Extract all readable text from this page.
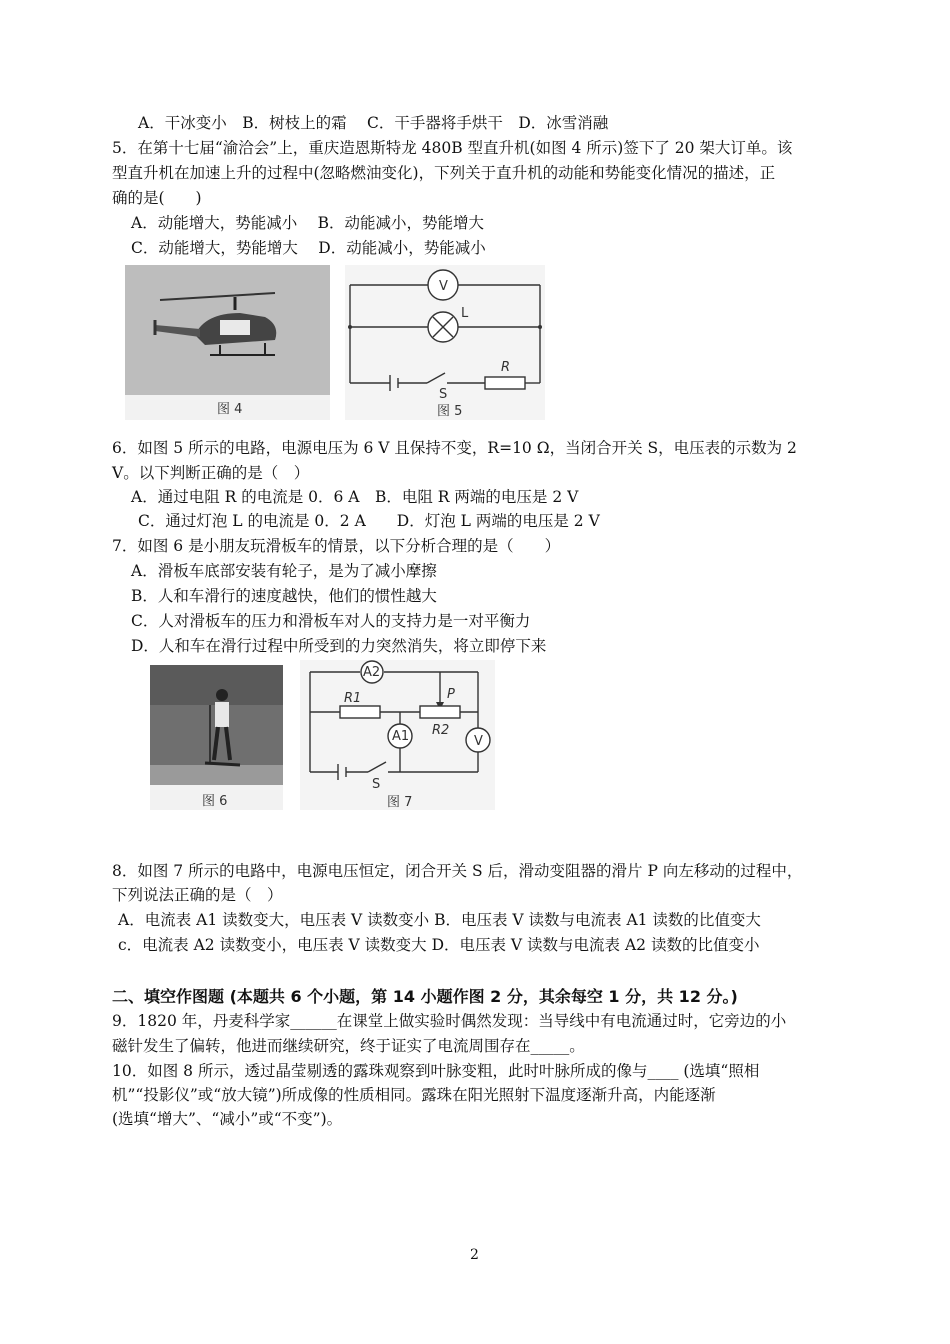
A．干冰变小　B．树枝上的霜　 C．干手器将手烘干　D．冰雪消融
5．在第十七届“渝洽会”上，重庆造恩斯特龙 480B 型直升机(如图 4 所示)签下了 20 架大订单。该
型直升机在加速上升的过程中(忽略燃油变化)，下列关于直升机的动能和势能变化情况的描述，正
确的是(　　)
A．动能增大，势能减小　 B．动能减小，势能增大
C．动能增大，势能增大　 D．动能减小，势能减小
图 4
V
L
R
S
图 5
6．如图 5 所示的电路，电源电压为 6 V 且保持不变，R=10 Ω，当闭合开关 S，电压表的示数为 2
V。以下判断正确的是（　）
A．通过电阻 R 的电流是 0．6 A　B．电阻 R 两端的电压是 2 V
C．通过灯泡 L 的电流是 0．2 A　　D．灯泡 L 两端的电压是 2 V
7．如图 6 是小朋友玩滑板车的情景，以下分析合理的是（　　）
A．滑板车底部安装有轮子，是为了减小摩擦
B．人和车滑行的速度越快，他们的惯性越大
C．人对滑板车的压力和滑板车对人的支持力是一对平衡力
D．人和车在滑行过程中所受到的力突然消失，将立即停下来
图 6
A2
R1
R2
P
A1	V
S
图 7
8．如图 7 所示的电路中，电源电压恒定，闭合开关 S 后，滑动变阻器的滑片 P 向左移动的过程中，
下列说法正确的是（　）
A．电流表 A1 读数变大，电压表 V 读数变小 B．电压表 V 读数与电流表 A1 读数的比值变大
c．电流表 A2 读数变小，电压表 V 读数变大 D．电压表 V 读数与电流表 A2 读数的比值变小
二、填空作图题 (本题共 6 个小题，第 14 小题作图 2 分，其余每空 1 分，共 12 分。)
9．1820 年，丹麦科学家______在课堂上做实验时偶然发现：当导线中有电流通过时，它旁边的小
磁针发生了偏转，他进而继续研究，终于证实了电流周围存在_____。
10．如图 8 所示，透过晶莹剔透的露珠观察到叶脉变粗，此时叶脉所成的像与____ (选填“照相
机”“投影仪”或“放大镜”)所成像的性质相同。露珠在阳光照射下温度逐渐升高，内能逐渐
(选填“增大”、“减小”或“不变”)。
2
